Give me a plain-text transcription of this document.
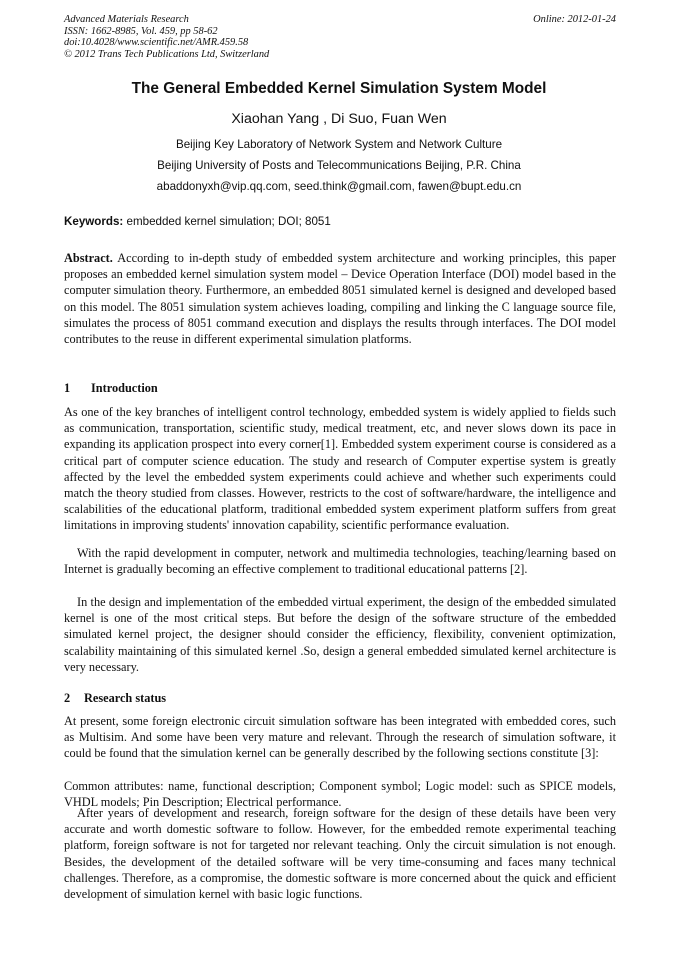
Advanced Materials Research
ISSN: 1662-8985, Vol. 459, pp 58-62
doi:10.4028/www.scientific.net/AMR.459.58
© 2012 Trans Tech Publications Ltd, Switzerland
Online: 2012-01-24
The General Embedded Kernel Simulation System Model
Xiaohan Yang , Di Suo, Fuan Wen
Beijing Key Laboratory of Network System and Network Culture
Beijing University of Posts and Telecommunications Beijing, P.R. China
abaddonyxh@vip.qq.com, seed.think@gmail.com, fawen@bupt.edu.cn
Keywords: embedded kernel simulation; DOI; 8051

Abstract. According to in-depth study of embedded system architecture and working principles, this paper proposes an embedded kernel simulation system model – Device Operation Interface (DOI) model based in the computer simulation theory. Furthermore, an embedded 8051 simulated kernel is designed and developed based on this model. The 8051 simulation system achieves loading, compiling and linking the C language source file, simulates the process of 8051 command execution and displays the results through interfaces. The DOI model contributes to the reuse in different experimental simulation platforms.

1 Introduction

As one of the key branches of intelligent control technology, embedded system is widely applied to fields such as communication, transportation, scientific study, medical treatment, etc, and never slows down its pace in expanding its application prospect into every corner[1]. Embedded system experiment course is considered as a critical part of computer science education. The study and research of Computer expertise system is greatly affected by the level the embedded system experiments could achieve and whether such experiments could match the theory studied from classes. However, restricts to the cost of software/hardware, the intelligence and scalabilities of the educational platform, traditional embedded system experiment platform suffers from great limitations in improving students' innovation capability, scientific performance evaluation.

With the rapid development in computer, network and multimedia technologies, teaching/learning based on Internet is gradually becoming an effective complement to traditional educational patterns [2].

In the design and implementation of the embedded virtual experiment, the design of the embedded simulated kernel is one of the most critical steps. But before the design of the software structure of the embedded simulated kernel project, the designer should consider the efficiency, flexibility, convenient optimization, scalability maintaining of this simulated kernel .So, design a general embedded simulated kernel architecture is very necessary.

2 Research status

At present, some foreign electronic circuit simulation software has been integrated with embedded cores, such as Multisim. And some have been very mature and relevant. Through the research of simulation software, it could be found that the simulation kernel can be generally described by the following sections constitute [3]:

Common attributes: name, functional description; Component symbol; Logic model: such as SPICE models, VHDL models; Pin Description; Electrical performance.

After years of development and research, foreign software for the design of these details have been very accurate and worth domestic software to follow. However, for the embedded remote experimental teaching platform, foreign software is not for targeted nor relevant teaching. Only the circuit simulation is not enough. Besides, the development of the detailed software will be very time-consuming and faces many technical challenges. Therefore, as a compromise, the domestic software is more concerned about the quick and efficient development of simulation kernel with basic logic functions.
